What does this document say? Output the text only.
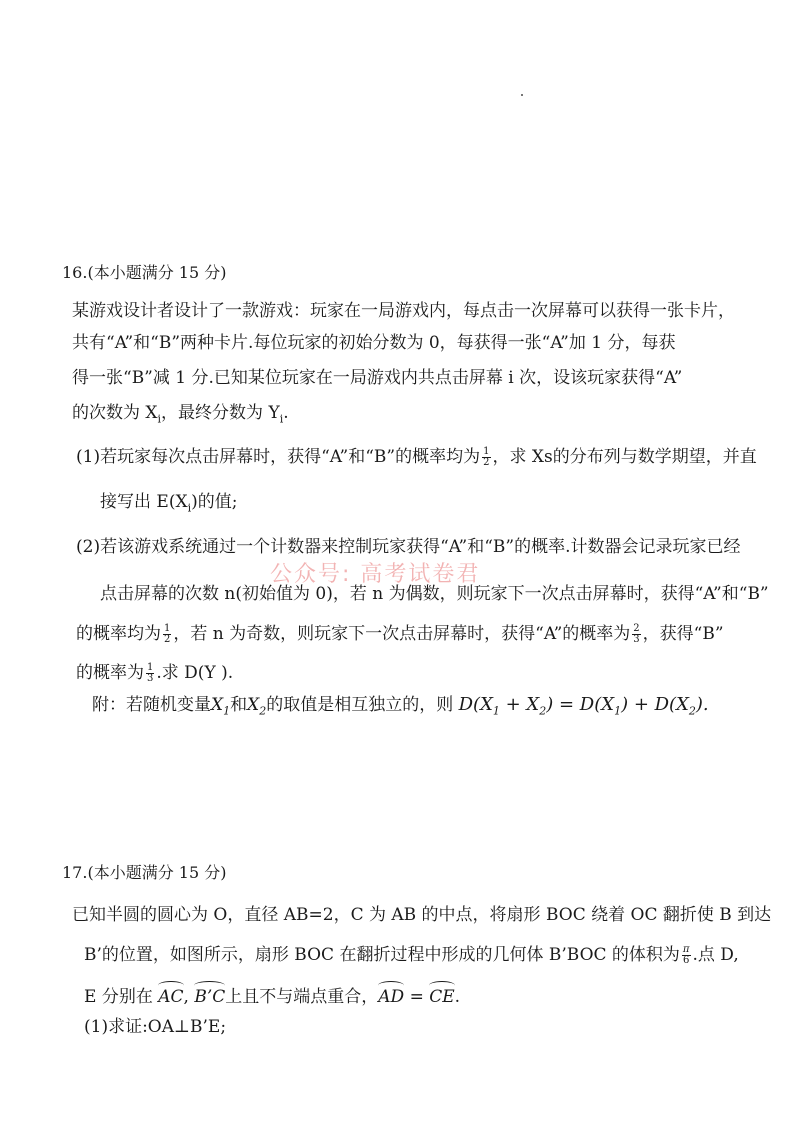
16.(本小题满分 15 分)
某游戏设计者设计了一款游戏：玩家在一局游戏内，每点击一次屏幕可以获得一张卡片，
共有“A”和“B”两种卡片.每位玩家的初始分数为 0，每获得一张“A”加 1 分，每获
得一张“B”减 1 分.已知某位玩家在一局游戏内共点击屏幕 i 次，设该玩家获得“A”
的次数为 $X_i$，最终分数为 $Y_i$.
(1)若玩家每次点击屏幕时，获得“A”和“B”的概率均为 $\frac{1}{2}$ ，求 Xs的分布列与数学期望，并直
接写出 $E(X_i)$的值;
(2)若该游戏系统通过一个计数器来控制玩家获得“A”和“B”的概率.计数器会记录玩家已经
公众号: 高考试卷君
点击屏幕的次数 n(初始值为 0)，若 n 为偶数，则玩家下一次点击屏幕时，获得“A”和“B”
的概率均为 $\frac{1}{2}$ ，若 n 为奇数，则玩家下一次点击屏幕时，获得“A”的概率为 $\frac{2}{3}$ ，获得“B”
的概率为 $\frac{1}{3}$ .求 D(Y ).
附：若随机变量$X_1$和$X_2$的取值是相互独立的，则 $D(X_1 + X_2) = D(X_1) + D(X_2)$.
17.(本小题满分 15 分)
已知半圆的圆心为 O，直径 AB=2，C 为 AB 的中点，将扇形 BOC 绕着 OC 翻折使 B 到达
B’的位置，如图所示，扇形 BOC 在翻折过程中形成的几何体 B’BOC 的体积为 $\frac{\pi}{6}$ .点 D,
E 分别在 AC, B’C上且不与端点重合，AD = CE.
(1)求证:OA⊥B’E;
